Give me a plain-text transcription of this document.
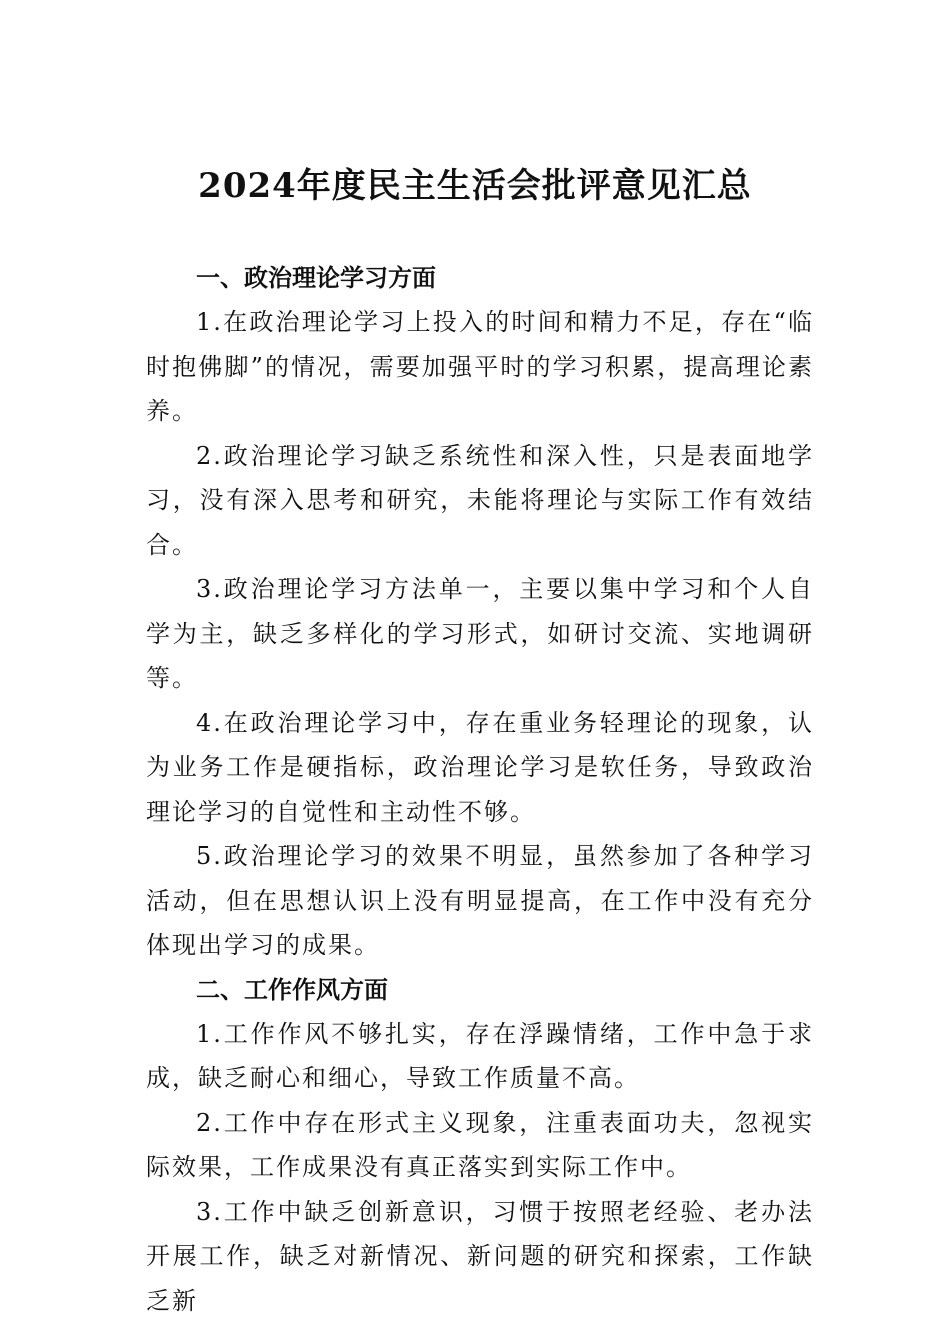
2024年度民主生活会批评意见汇总

一、政治理论学习方面

1.在政治理论学习上投入的时间和精力不足，存在“临时抱佛脚”的情况，需要加强平时的学习积累，提高理论素养。

2.政治理论学习缺乏系统性和深入性，只是表面地学习，没有深入思考和研究，未能将理论与实际工作有效结合。

3.政治理论学习方法单一，主要以集中学习和个人自学为主，缺乏多样化的学习形式，如研讨交流、实地调研等。

4.在政治理论学习中，存在重业务轻理论的现象，认为业务工作是硬指标，政治理论学习是软任务，导致政治理论学习的自觉性和主动性不够。

5.政治理论学习的效果不明显，虽然参加了各种学习活动，但在思想认识上没有明显提高，在工作中没有充分体现出学习的成果。

二、工作作风方面

1.工作作风不够扎实，存在浮躁情绪，工作中急于求成，缺乏耐心和细心，导致工作质量不高。

2.工作中存在形式主义现象，注重表面功夫，忽视实际效果，工作成果没有真正落实到实际工作中。

3.工作中缺乏创新意识，习惯于按照老经验、老办法开展工作，缺乏对新情况、新问题的研究和探索，工作缺乏新
